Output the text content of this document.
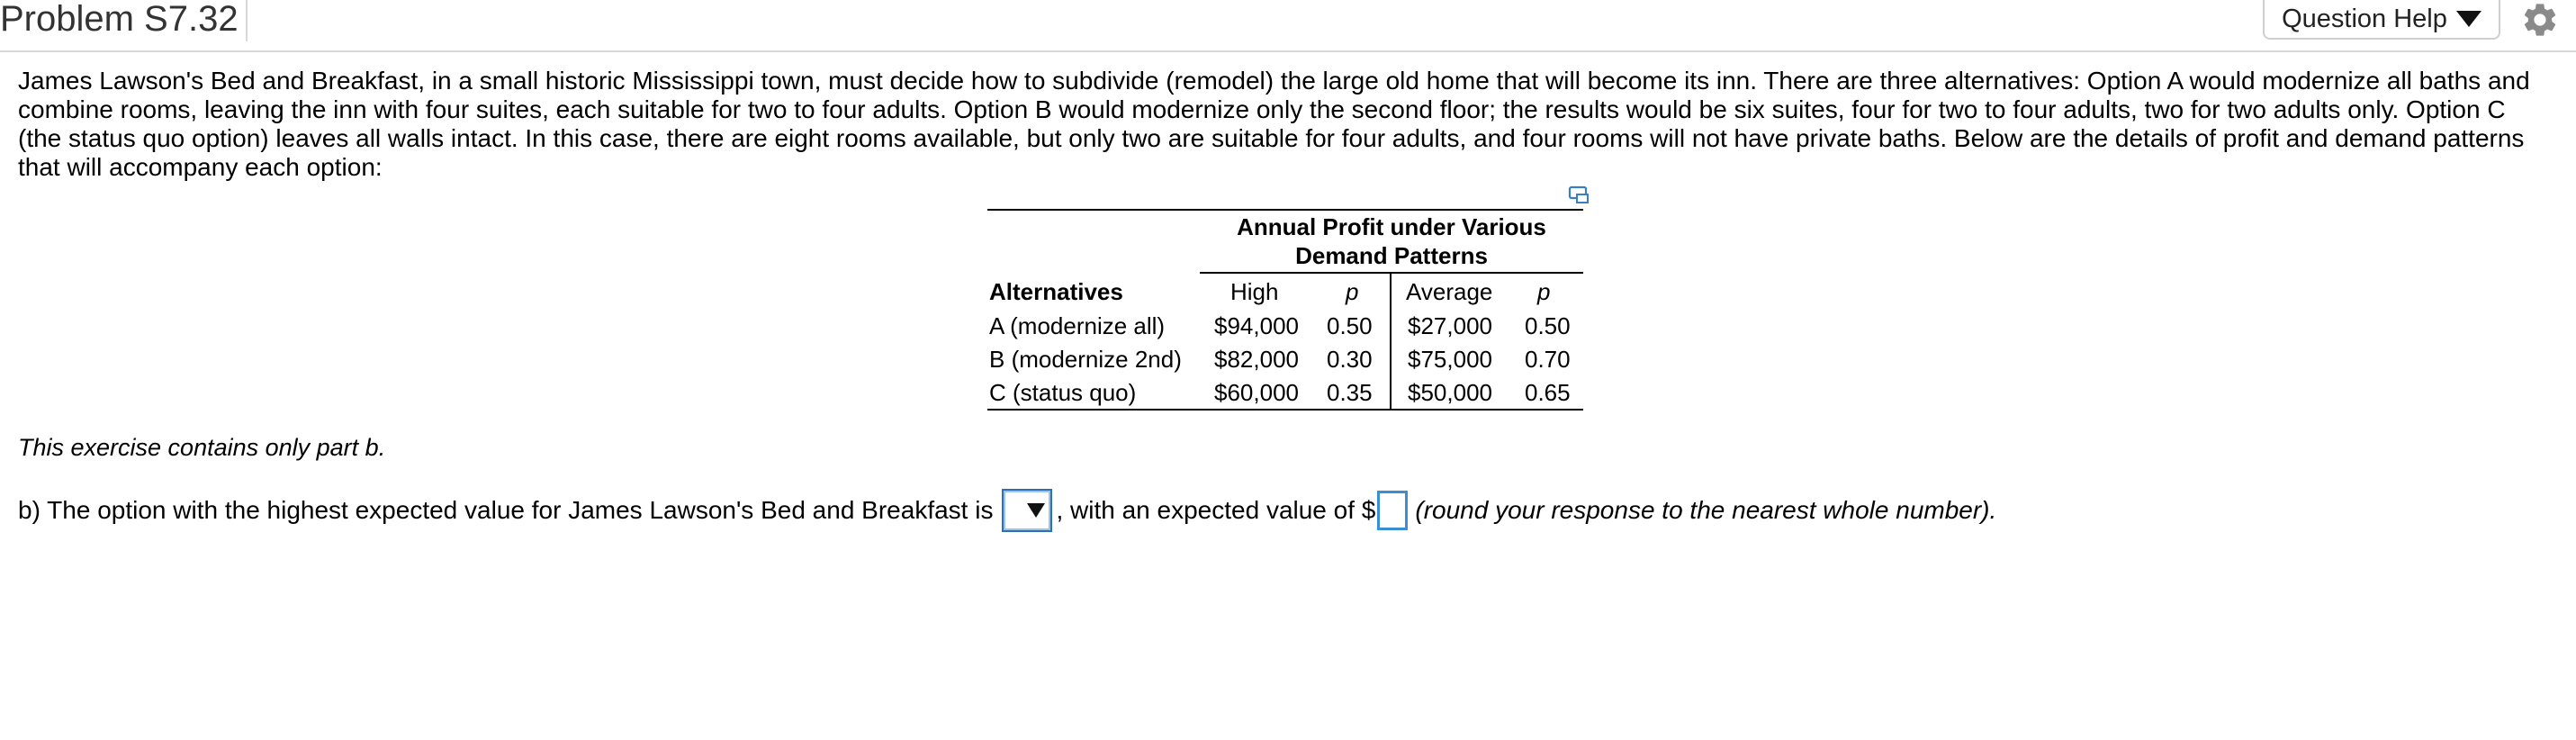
Problem S7.32	Question Help
James Lawson's Bed and Breakfast, in a small historic Mississippi town, must decide how to subdivide (remodel) the large old home that will become its inn. There are three alternatives: Option A would modernize all baths and combine rooms, leaving the inn with four suites, each suitable for two to four adults. Option B would modernize only the second floor; the results would be six suites, four for two to four adults, two for two adults only. Option C (the status quo option) leaves all walls intact. In this case, there are eight rooms available, but only two are suitable for four adults, and four rooms will not have private baths. Below are the details of profit and demand patterns that will accompany each option:
Annual Profit under Various
Demand Patterns
Alternatives	High	p Average p
A (modernize all) $94,000 0.50 $27,000 0.50
B (modernize 2nd) $82,000 0.30 $75,000 0.70
C (status quo)	$60,000 0.35 $50,000 0.65
This exercise contains only part b.
b) The option with the highest expected value for James Lawson's Bed and Breakfast is	, with an expected value of $ (round your response to the nearest whole number).
